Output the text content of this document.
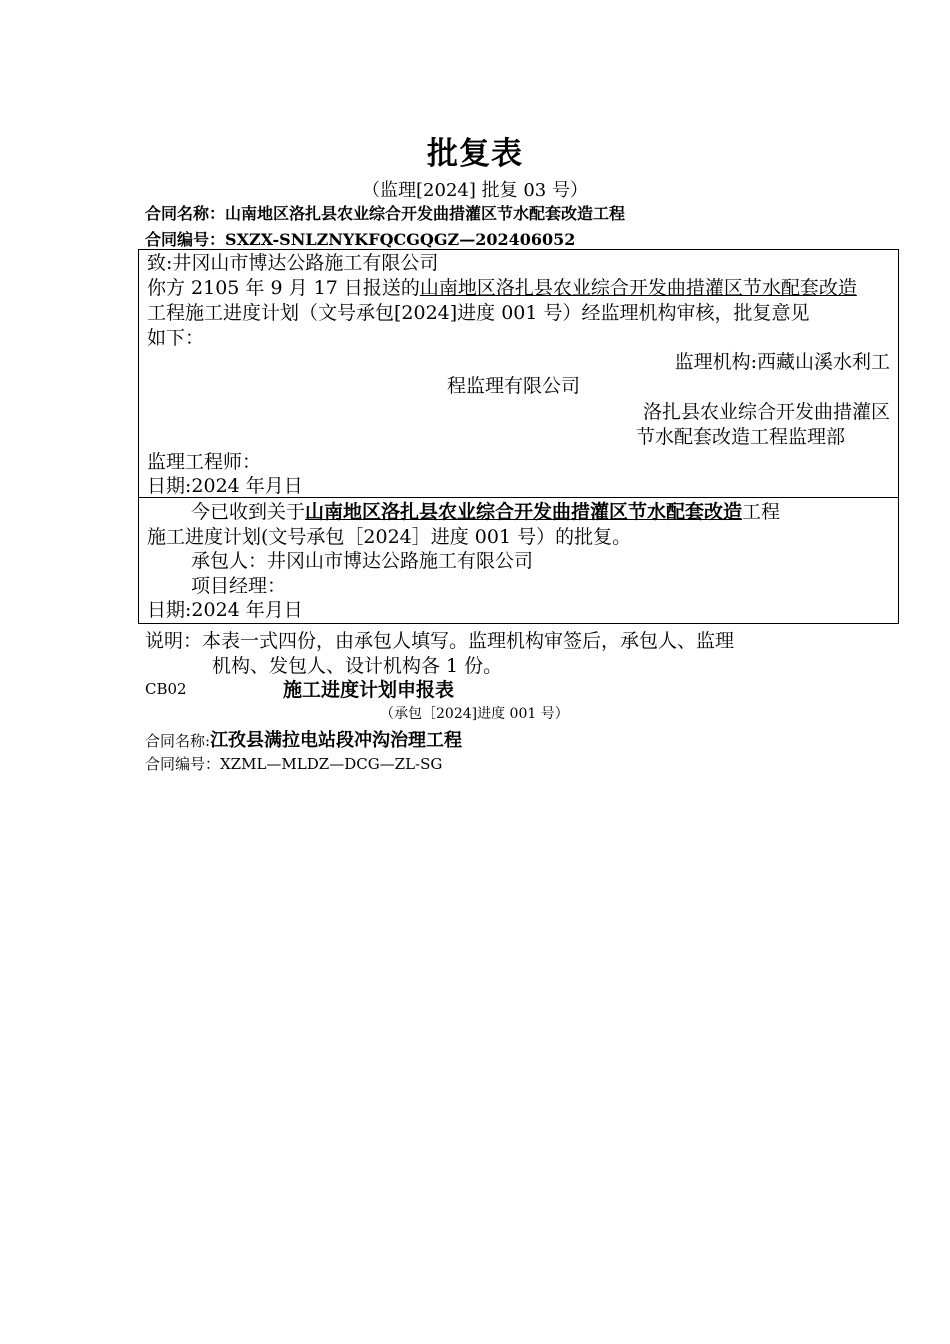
批复表
（监理[2024] 批复 03 号）
合同名称：山南地区洛扎县农业综合开发曲措灌区节水配套改造工程
合同编号：SXZX-SNLZNYKFQCGQGZ—202406052
致:井冈山市博达公路施工有限公司
你方 2105 年 9 月 17 日报送的山南地区洛扎县农业综合开发曲措灌区节水配套改造
工程施工进度计划（文号承包[2024]进度 001 号）经监理机构审核，批复意见
如下：
监理机构:西藏山溪水利工
程监理有限公司
洛扎县农业综合开发曲措灌区
节水配套改造工程监理部
监理工程师：
日期:2024 年月日
今已收到关于山南地区洛扎县农业综合开发曲措灌区节水配套改造工程
施工进度计划(文号承包［2024］进度 001 号）的批复。
承包人：井冈山市博达公路施工有限公司
项目经理：
日期:2024 年月日
说明：本表一式四份，由承包人填写。监理机构审签后，承包人、监理
机构、发包人、设计机构各 1 份。
CB02	施工进度计划申报表
（承包［2024]进度 001 号）
合同名称:江孜县满拉电站段冲沟治理工程
合同编号：XZML—MLDZ—DCG—ZL-SG
